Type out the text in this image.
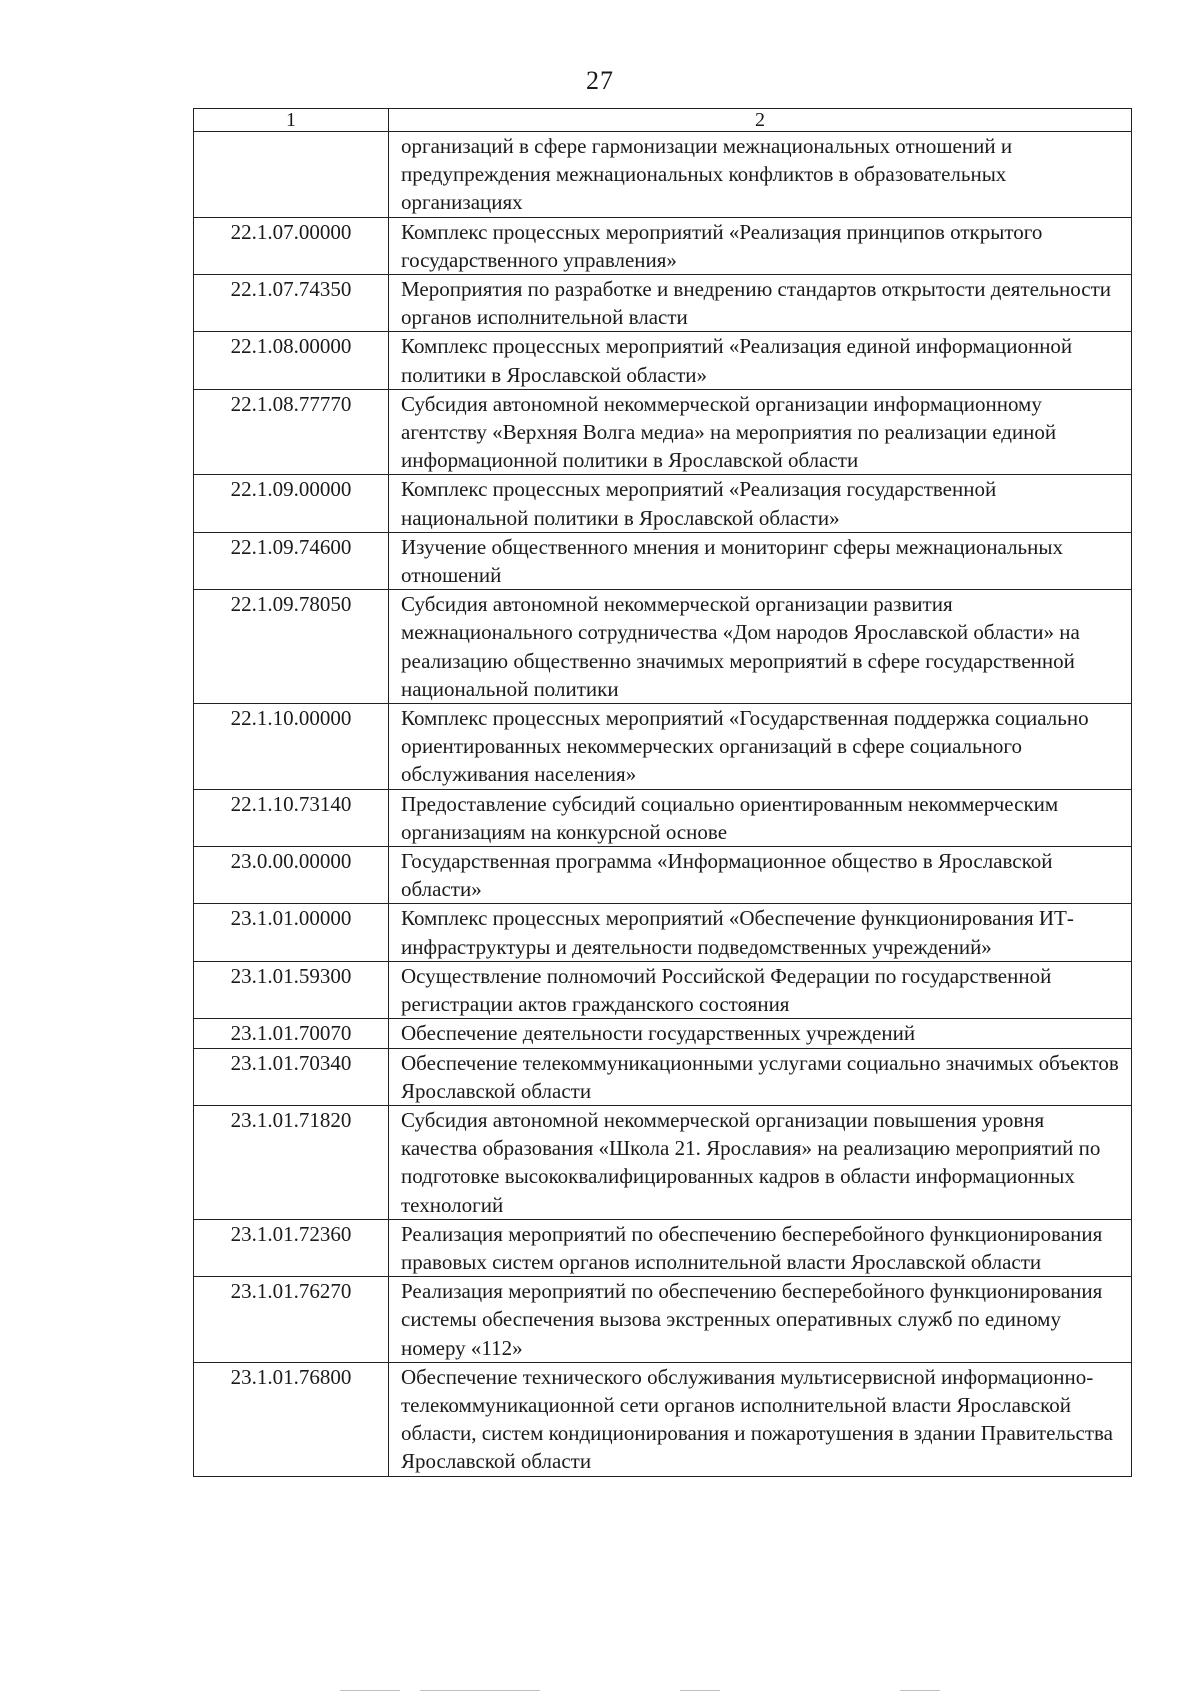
27
1	2
	организаций в сфере гармонизации межнациональных отношений и предупреждения межнациональных конфликтов в образовательных организациях
22.1.07.00000	Комплекс процессных мероприятий «Реализация принципов открытого государственного управления»
22.1.07.74350	Мероприятия по разработке и внедрению стандартов открытости деятельности органов исполнительной власти
22.1.08.00000	Комплекс процессных мероприятий «Реализация единой информационной политики в Ярославской области»
22.1.08.77770	Субсидия автономной некоммерческой организации информационному агентству «Верхняя Волга медиа» на мероприятия по реализации единой информационной политики в Ярославской области
22.1.09.00000	Комплекс процессных мероприятий «Реализация государственной национальной политики в Ярославской области»
22.1.09.74600	Изучение общественного мнения и мониторинг сферы межнациональных отношений
22.1.09.78050	Субсидия автономной некоммерческой организации развития межнационального сотрудничества «Дом народов Ярославской области» на реализацию общественно значимых мероприятий в сфере государственной национальной политики
22.1.10.00000	Комплекс процессных мероприятий «Государственная поддержка социально ориентированных некоммерческих организаций в сфере социального обслуживания населения»
22.1.10.73140	Предоставление субсидий социально ориентированным некоммерческим организациям на конкурсной основе
23.0.00.00000	Государственная программа «Информационное общество в Ярославской области»
23.1.01.00000	Комплекс процессных мероприятий «Обеспечение функционирования ИТ-инфраструктуры и деятельности подведомственных учреждений»
23.1.01.59300	Осуществление полномочий Российской Федерации по государственной регистрации актов гражданского состояния
23.1.01.70070	Обеспечение деятельности государственных учреждений
23.1.01.70340	Обеспечение телекоммуникационными услугами социально значимых объектов Ярославской области
23.1.01.71820	Субсидия автономной некоммерческой организации повышения уровня качества образования «Школа 21. Ярославия» на реализацию мероприятий по подготовке высококвалифицированных кадров в области информационных технологий
23.1.01.72360	Реализация мероприятий по обеспечению бесперебойного функционирования правовых систем органов исполнительной власти Ярославской области
23.1.01.76270	Реализация мероприятий по обеспечению бесперебойного функционирования системы обеспечения вызова экстренных оперативных служб по единому номеру «112»
23.1.01.76800	Обеспечение технического обслуживания мультисервисной информационно-телекоммуникационной сети органов исполнительной власти Ярославской области, систем кондиционирования и пожаротушения в здании Правительства Ярославской области
